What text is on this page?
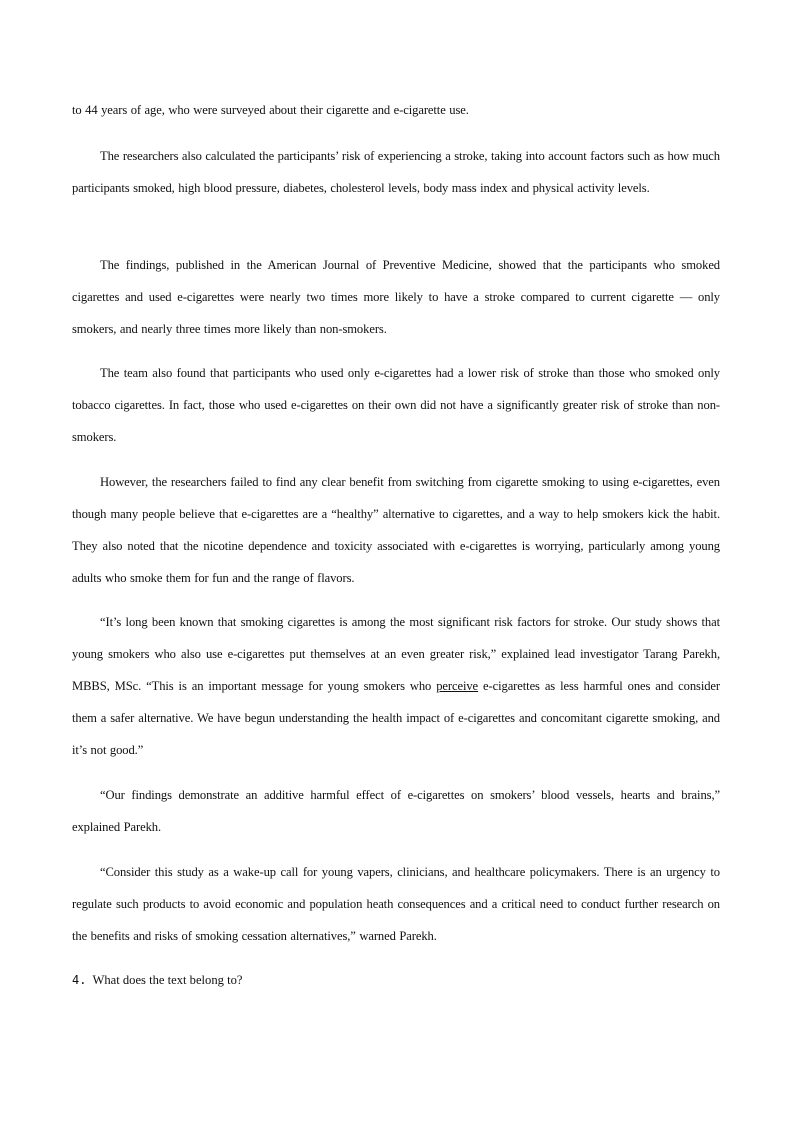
to 44 years of age, who were surveyed about their cigarette and e-cigarette use.

The researchers also calculated the participants’ risk of experiencing a stroke, taking into account factors such as how much participants smoked, high blood pressure, diabetes, cholesterol levels, body mass index and physical activity levels.

The findings, published in the American Journal of Preventive Medicine, showed that the participants who smoked cigarettes and used e-cigarettes were nearly two times more likely to have a stroke compared to current cigarette — only smokers, and nearly three times more likely than non-smokers.

The team also found that participants who used only e-cigarettes had a lower risk of stroke than those who smoked only tobacco cigarettes. In fact, those who used e-cigarettes on their own did not have a significantly greater risk of stroke than non-smokers.

However, the researchers failed to find any clear benefit from switching from cigarette smoking to using e-cigarettes, even though many people believe that e-cigarettes are a “healthy” alternative to cigarettes, and a way to help smokers kick the habit. They also noted that the nicotine dependence and toxicity associated with e-cigarettes is worrying, particularly among young adults who smoke them for fun and the range of flavors.

“It’s long been known that smoking cigarettes is among the most significant risk factors for stroke. Our study shows that young smokers who also use e-cigarettes put themselves at an even greater risk,” explained lead investigator Tarang Parekh, MBBS, MSc. “This is an important message for young smokers who perceive e-cigarettes as less harmful ones and consider them a safer alternative. We have begun understanding the health impact of e-cigarettes and concomitant cigarette smoking, and it’s not good.”

“Our findings demonstrate an additive harmful effect of e-cigarettes on smokers’ blood vessels, hearts and brains,” explained Parekh.

“Consider this study as a wake-up call for young vapers, clinicians, and healthcare policymakers. There is an urgency to regulate such products to avoid economic and population heath consequences and a critical need to conduct further research on the benefits and risks of smoking cessation alternatives,” warned Parekh.

4. What does the text belong to?
